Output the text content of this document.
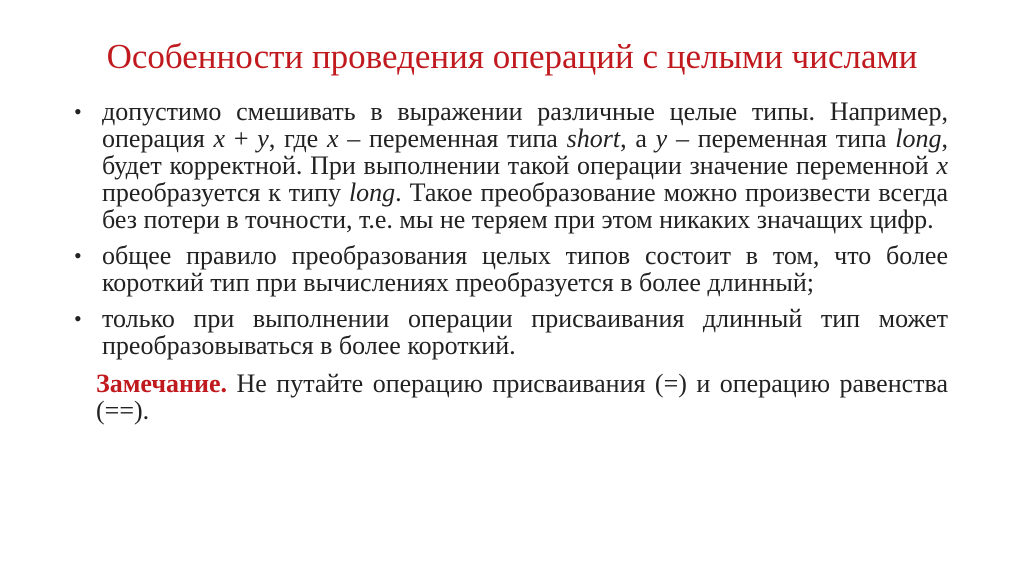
Особенности проведения операций с целыми числами
• допустимо смешивать в выражении различные целые типы. Например, операция x + y, где x – переменная типа short, а y – переменная типа long, будет корректной. При выполнении такой операции значение переменной x преобразуется к типу long. Такое преобразование можно произвести всегда без потери в точности, т.е. мы не теряем при этом никаких значащих цифр.
• общее правило преобразования целых типов состоит в том, что более короткий тип при вычислениях преобразуется в более длинный;
• только при выполнении операции присваивания длинный тип может преобразовываться в более короткий.
Замечание. Не путайте операцию присваивания (=) и операцию равенства (==).
